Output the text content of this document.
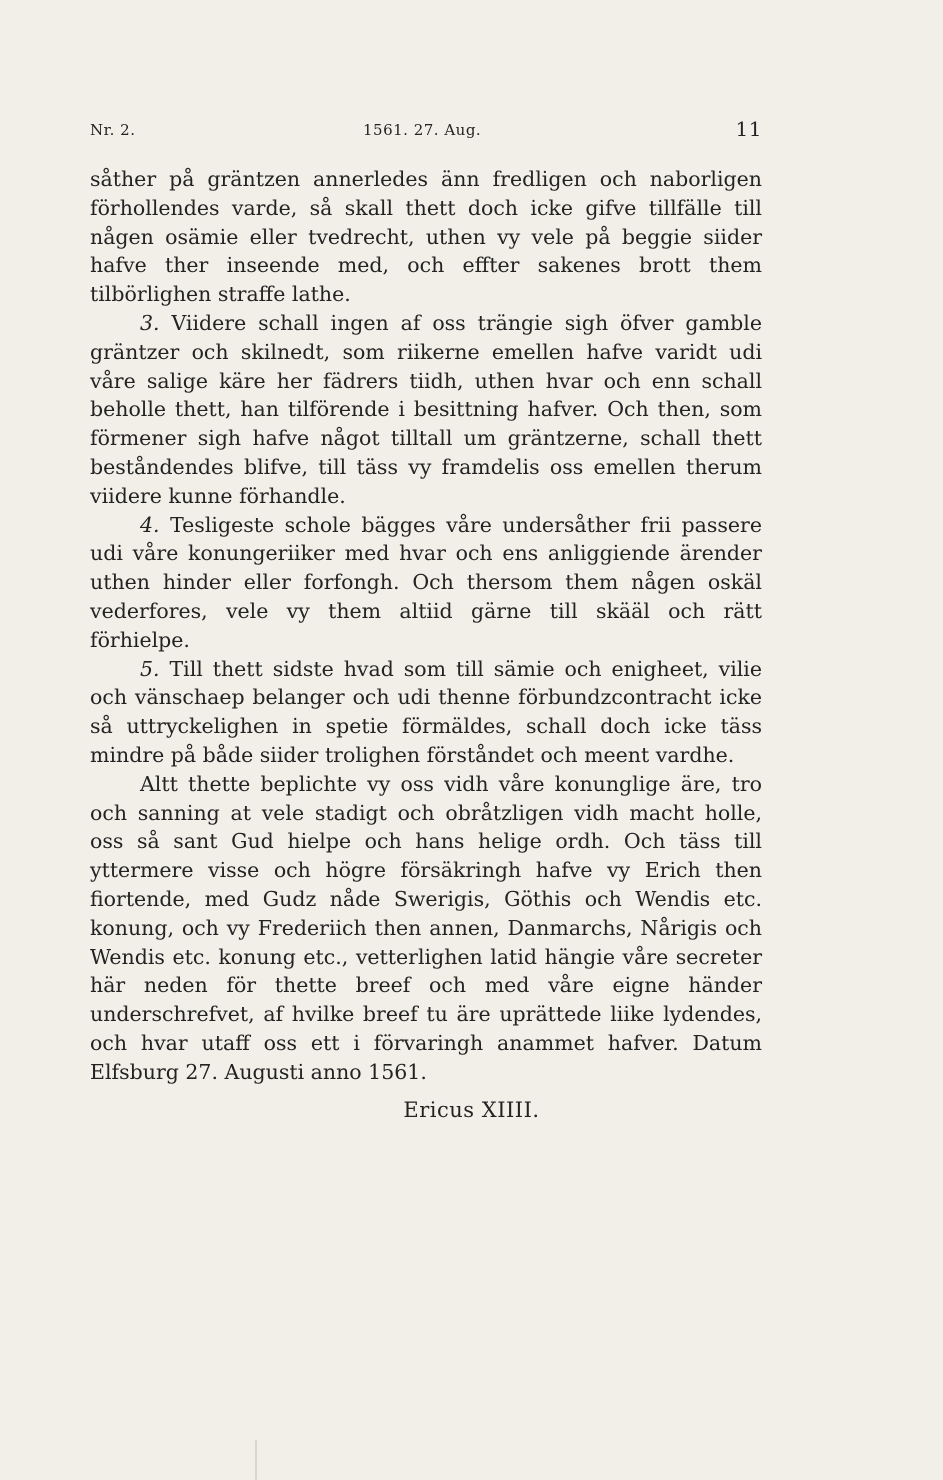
Nr. 2.	1561. 27. Aug.	11

såther på gräntzen annerledes änn fredligen och naborligen förhollendes varde, så skall thett doch icke gifve tillfälle till någen osämie eller tvedrecht, uthen vy vele på beggie siider hafve ther inseende med, och effter sakenes brott them tilbörlighen straffe lathe.

3. Viidere schall ingen af oss trängie sigh öfver gamble gräntzer och skilnedt, som riikerne emellen hafve varidt udi våre salige käre her fädrers tiidh, uthen hvar och enn schall beholle thett, han tilförende i besittning hafver. Och then, som förmener sigh hafve något tilltall um gräntzerne, schall thett beståndendes blifve, till täss vy framdelis oss emellen therum viidere kunne förhandle.

4. Tesligeste schole bägges våre undersåther frii passere udi våre konungeriiker med hvar och ens anliggiende ärender uthen hinder eller forfongh. Och thersom them någen oskäl vederfores, vele vy them altiid gärne till skääl och rätt förhielpe.

5. Till thett sidste hvad som till sämie och enigheet, vilie och vänschaep belanger och udi thenne förbundzcontracht icke så uttryckelighen in spetie förmäldes, schall doch icke täss mindre på både siider trolighen förståndet och meent vardhe.

Altt thette beplichte vy oss vidh våre konunglige äre, tro och sanning at vele stadigt och obråtzligen vidh macht holle, oss så sant Gud hielpe och hans helige ordh. Och täss till yttermere visse och högre försäkringh hafve vy Erich then fiortende, med Gudz nåde Swerigis, Göthis och Wendis etc. konung, och vy Frederiich then annen, Danmarchs, Nårigis och Wendis etc. konung etc., vetterlighen latid hängie våre secreter här neden för thette breef och med våre eigne händer underschrefvet, af hvilke breef tu äre uprättede liike lydendes, och hvar utaff oss ett i förvaringh anammet hafver. Datum Elfsburg 27. Augusti anno 1561.

Ericus XIIII.
